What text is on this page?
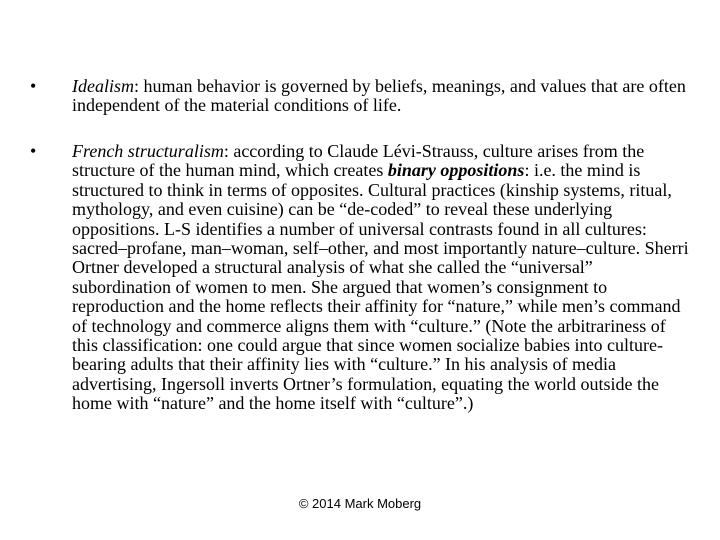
• Idealism: human behavior is governed by beliefs, meanings, and values that are often independent of the material conditions of life.
• French structuralism: according to Claude Lévi-Strauss, culture arises from the structure of the human mind, which creates binary oppositions: i.e. the mind is structured to think in terms of opposites. Cultural practices (kinship systems, ritual, mythology, and even cuisine) can be “de-coded” to reveal these underlying oppositions. L-S identifies a number of universal contrasts found in all cultures: sacred–profane, man–woman, self–other, and most importantly nature–culture. Sherri Ortner developed a structural analysis of what she called the “universal” subordination of women to men. She argued that women’s consignment to reproduction and the home reflects their affinity for “nature,” while men’s command of technology and commerce aligns them with “culture.” (Note the arbitrariness of this classification: one could argue that since women socialize babies into culture-bearing adults that their affinity lies with “culture.” In his analysis of media advertising, Ingersoll inverts Ortner’s formulation, equating the world outside the home with “nature” and the home itself with “culture”.)
© 2014 Mark Moberg
